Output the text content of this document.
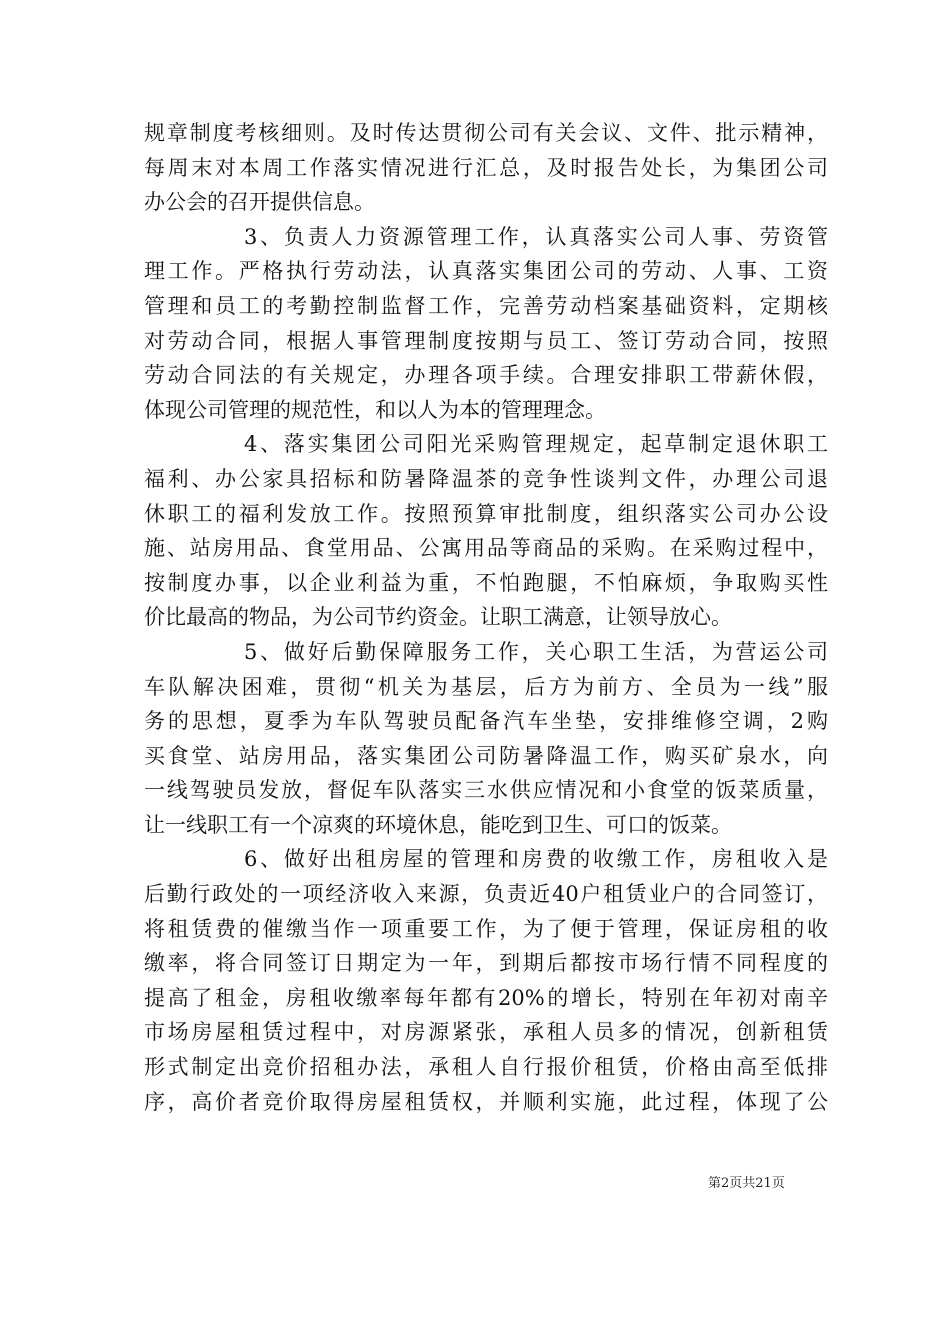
规章制度考核细则。及时传达贯彻公司有关会议、文件、批示精神，
每周末对本周工作落实情况进行汇总，及时报告处长，为集团公司
办公会的召开提供信息。
3、负责人力资源管理工作，认真落实公司人事、劳资管
理工作。严格执行劳动法，认真落实集团公司的劳动、人事、工资
管理和员工的考勤控制监督工作，完善劳动档案基础资料，定期核
对劳动合同，根据人事管理制度按期与员工、签订劳动合同，按照
劳动合同法的有关规定，办理各项手续。合理安排职工带薪休假，
体现公司管理的规范性，和以人为本的管理理念。
4、落实集团公司阳光采购管理规定，起草制定退休职工
福利、办公家具招标和防暑降温茶的竞争性谈判文件，办理公司退
休职工的福利发放工作。按照预算审批制度，组织落实公司办公设
施、站房用品、食堂用品、公寓用品等商品的采购。在采购过程中，
按制度办事，以企业利益为重，不怕跑腿，不怕麻烦，争取购买性
价比最高的物品，为公司节约资金。让职工满意，让领导放心。
5、做好后勤保障服务工作，关心职工生活，为营运公司
车队解决困难，贯彻“机关为基层，后方为前方、全员为一线”服
务的思想，夏季为车队驾驶员配备汽车坐垫，安排维修空调，2购
买食堂、站房用品，落实集团公司防暑降温工作，购买矿泉水，向
一线驾驶员发放，督促车队落实三水供应情况和小食堂的饭菜质量，
让一线职工有一个凉爽的环境休息，能吃到卫生、可口的饭菜。
6、做好出租房屋的管理和房费的收缴工作，房租收入是
后勤行政处的一项经济收入来源，负责近40户租赁业户的合同签订，
将租赁费的催缴当作一项重要工作，为了便于管理，保证房租的收
缴率，将合同签订日期定为一年，到期后都按市场行情不同程度的
提高了租金，房租收缴率每年都有20%的增长，特别在年初对南辛
市场房屋租赁过程中，对房源紧张，承租人员多的情况，创新租赁
形式制定出竞价招租办法，承租人自行报价租赁，价格由高至低排
序，高价者竞价取得房屋租赁权，并顺利实施，此过程，体现了公
第2页共21页
